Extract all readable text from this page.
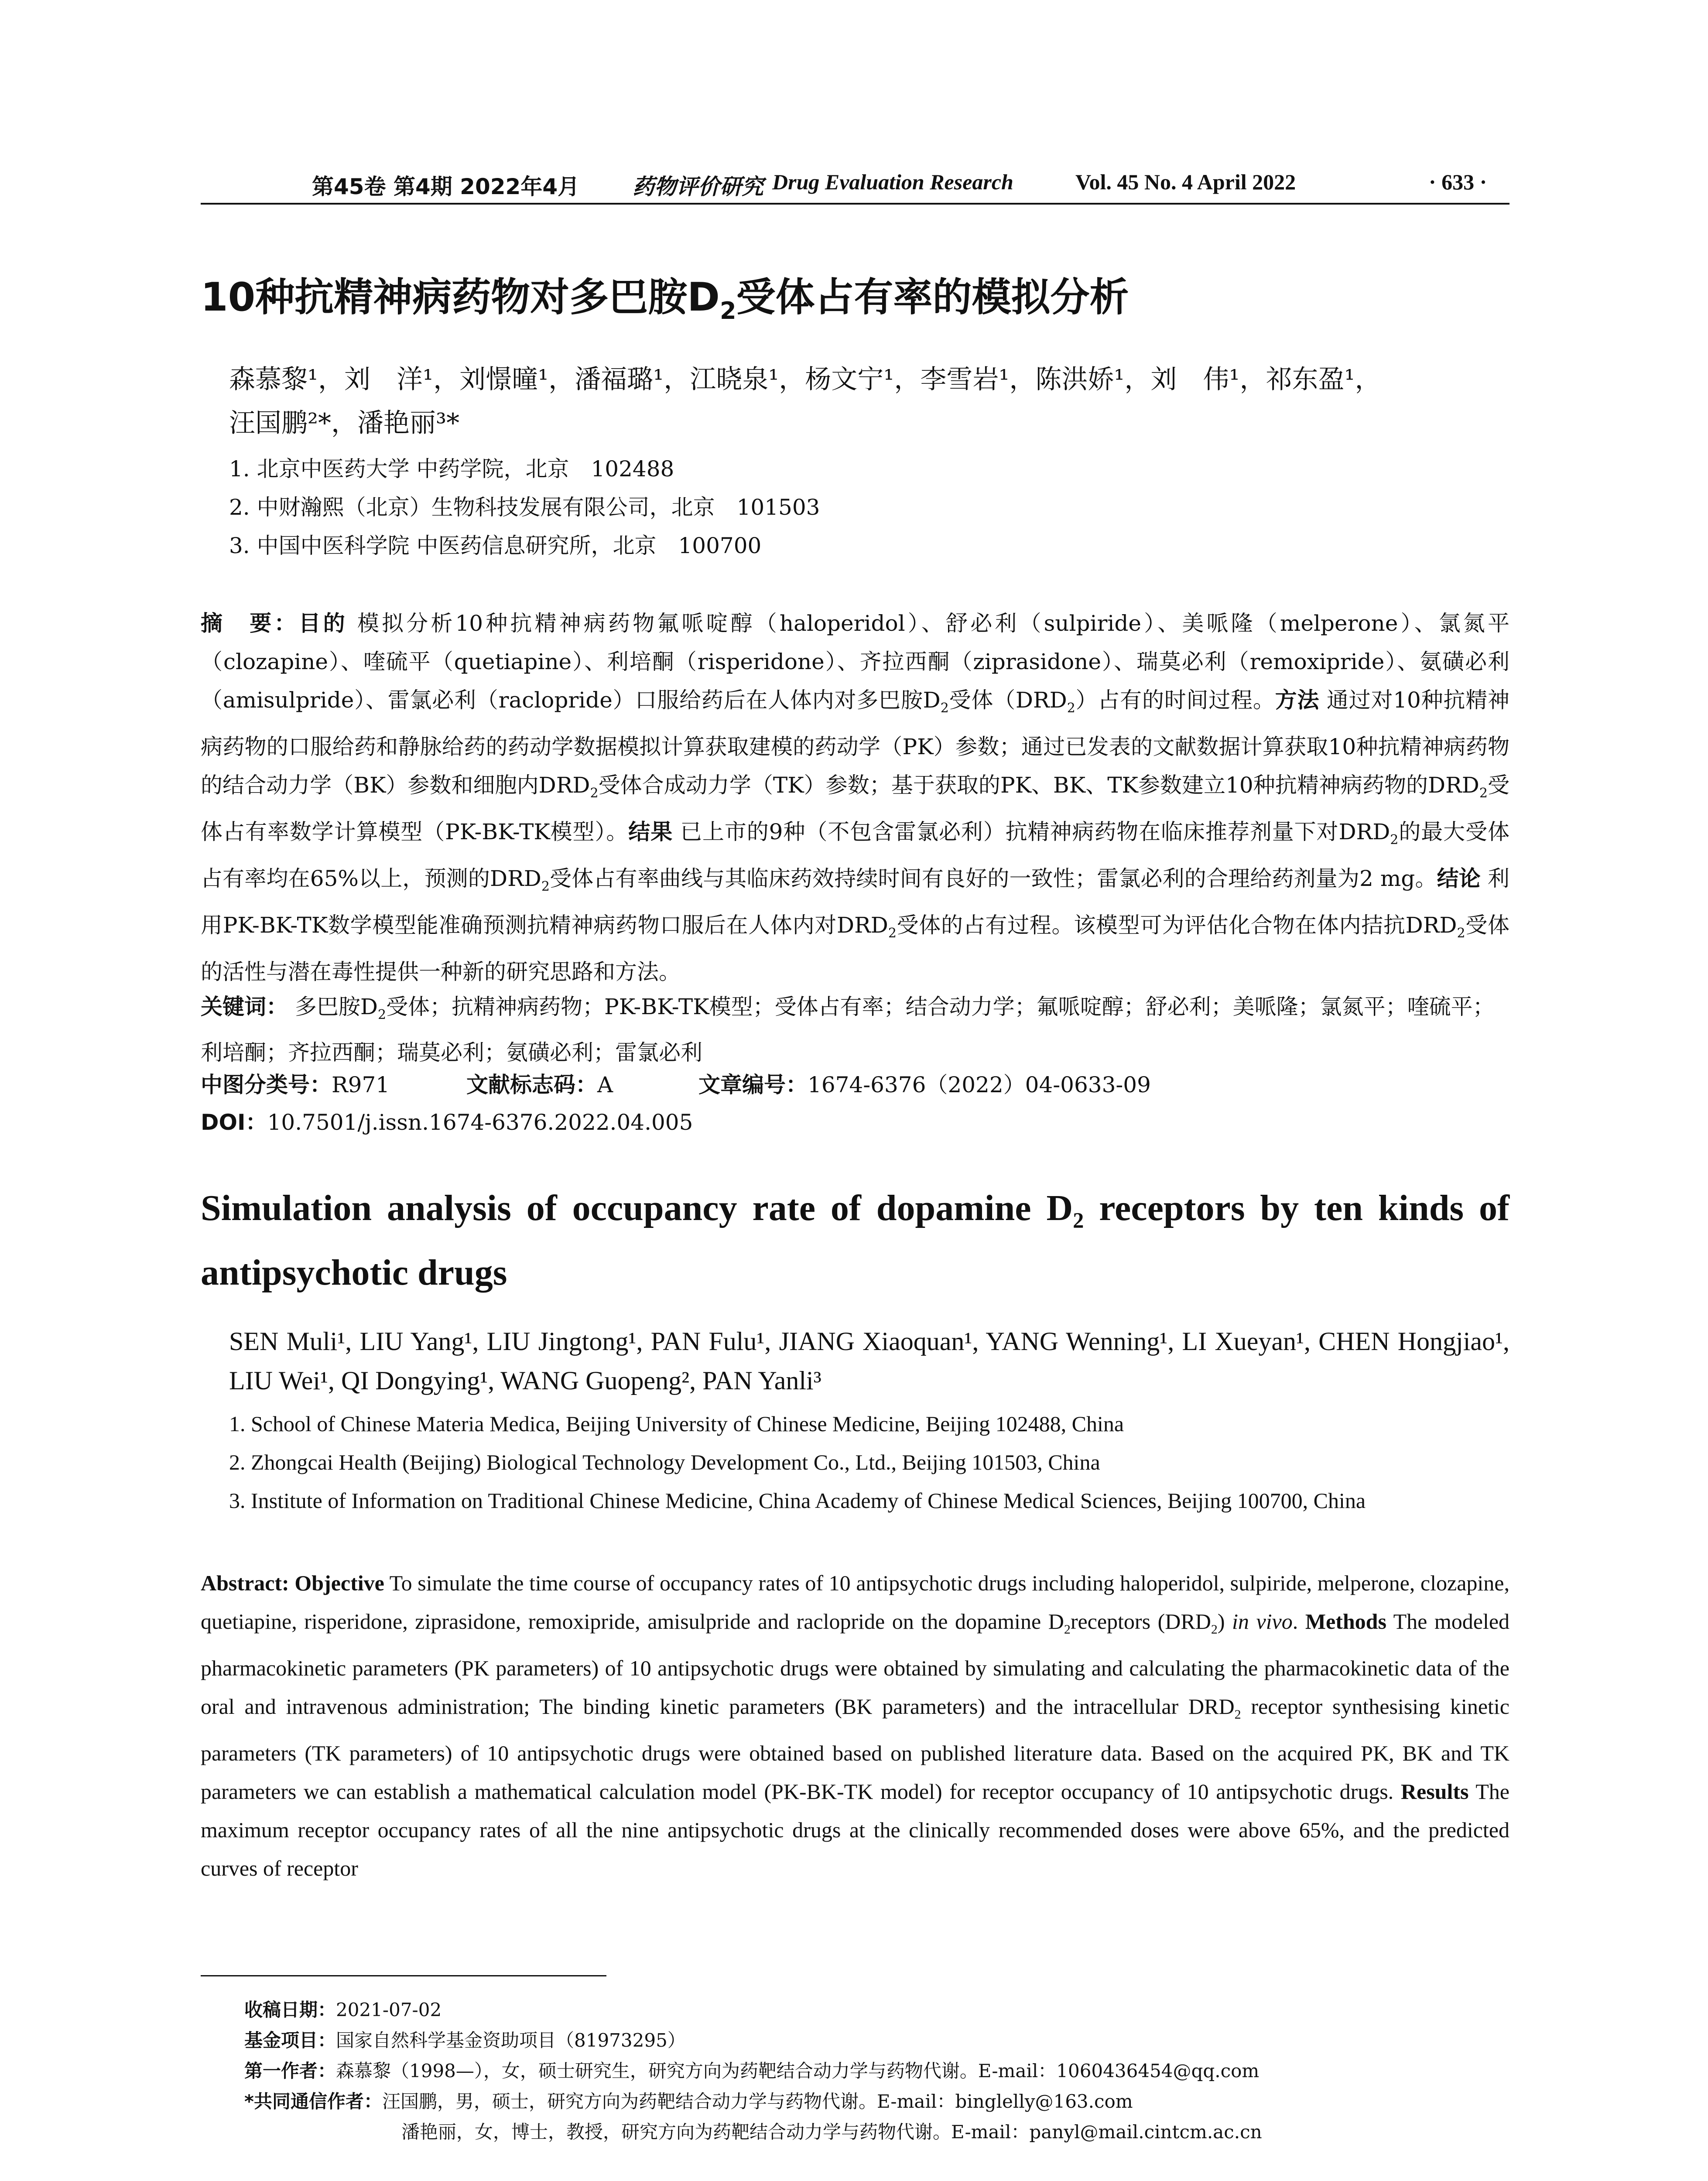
第45卷 第4期 2022年4月 药物评价研究 Drug Evaluation Research	Vol. 45 No. 4 April 2022	· 633 ·
10种抗精神病药物对多巴胺$D_2$受体占有率的模拟分析
森慕黎¹，刘　洋¹，刘憬曈¹，潘福璐¹，江晓泉¹，杨文宁¹，李雪岩¹，陈洪娇¹，刘　伟¹，祁东盈¹，
汪国鹏²*，潘艳丽³*
1. 北京中医药大学 中药学院，北京　102488
2. 中财瀚熙（北京）生物科技发展有限公司，北京　101503
3. 中国中医科学院 中医药信息研究所，北京　100700
摘　要：目的 模拟分析10种抗精神病药物氟哌啶醇（haloperidol）、舒必利（sulpiride）、美哌隆（melperone）、氯氮平（clozapine）、喹硫平（quetiapine）、利培酮（risperidone）、齐拉西酮（ziprasidone）、瑞莫必利（remoxipride）、氨磺必利（amisulpride）、雷氯必利（raclopride）口服给药后在人体内对多巴胺$D_2$受体$(DRD_2)$占有的时间过程。方法 通过对10种抗精神病药物的口服给药和静脉给药的药动学数据模拟计算获取建模的药动学（PK）参数；通过已发表的文献数据计算获取10种抗精神病药物的结合动力学（BK）参数和细胞内$DRD_2$受体合成动力学（TK）参数；基于获取的PK、BK、TK参数建立10种抗精神病药物的$DRD_2$受体占有率数学计算模型（PK-BK-TK模型）。结果 已上市的9种（不包含雷氯必利）抗精神病药物在临床推荐剂量下对$DRD_2$的最大受体占有率均在65%以上，预测的$DRD_2$受体占有率曲线与其临床药效持续时间有良好的一致性；雷氯必利的合理给药剂量为2 mg。结论 利用PK-BK-TK数学模型能准确预测抗精神病药物口服后在人体内对$DRD_2$受体的占有过程。该模型可为评估化合物在体内拮抗$DRD_2$受体的活性与潜在毒性提供一种新的研究思路和方法。
关键词： 多巴胺$D_2$受体；抗精神病药物；PK-BK-TK模型；受体占有率；结合动力学；氟哌啶醇；舒必利；美哌隆；氯氮平；喹硫平；利培酮；齐拉西酮；瑞莫必利；氨磺必利；雷氯必利
中图分类号：R971	文献标志码：A	文章编号：1674-6376（2022）04-0633-09
DOI：10.7501/j.issn.1674-6376.2022.04.005
Simulation analysis of occupancy rate of dopamine $D_2$ receptors by ten kinds of antipsychotic drugs
SEN Muli¹, LIU Yang¹, LIU Jingtong¹, PAN Fulu¹, JIANG Xiaoquan¹, YANG Wenning¹, LI Xueyan¹, CHEN Hongjiao¹, LIU Wei¹, QI Dongying¹, WANG Guopeng², PAN Yanli³
1. School of Chinese Materia Medica, Beijing University of Chinese Medicine, Beijing 102488, China
2. Zhongcai Health (Beijing) Biological Technology Development Co., Ltd., Beijing 101503, China
3. Institute of Information on Traditional Chinese Medicine, China Academy of Chinese Medical Sciences, Beijing 100700, China
Abstract: Objective To simulate the time course of occupancy rates of 10 antipsychotic drugs including haloperidol, sulpiride, melperone, clozapine, quetiapine, risperidone, ziprasidone, remoxipride, amisulpride and raclopride on the dopamine $D_2receptors$ $(DRD_2)$ in vivo. Methods The modeled pharmacokinetic parameters (PK parameters) of 10 antipsychotic drugs were obtained by simulating and calculating the pharmacokinetic data of the oral and intravenous administration; The binding kinetic parameters (BK parameters) and the intracellular $DRD_2$ receptor synthesising kinetic parameters (TK parameters) of 10 antipsychotic drugs were obtained based on published literature data. Based on the acquired PK, BK and TK parameters we can establish a mathematical calculation model (PK-BK-TK model) for receptor occupancy of 10 antipsychotic drugs. Results The maximum receptor occupancy rates of all the nine antipsychotic drugs at the clinically recommended doses were above 65%, and the predicted curves of receptor
收稿日期：2021-07-02
基金项目：国家自然科学基金资助项目（81973295）
第一作者：森慕黎（1998—），女，硕士研究生，研究方向为药靶结合动力学与药物代谢。E-mail：1060436454@qq.com
*共同通信作者：汪国鹏，男，硕士，研究方向为药靶结合动力学与药物代谢。E-mail：binglelly@163.com
潘艳丽，女，博士，教授，研究方向为药靶结合动力学与药物代谢。E-mail：panyl@mail.cintcm.ac.cn
